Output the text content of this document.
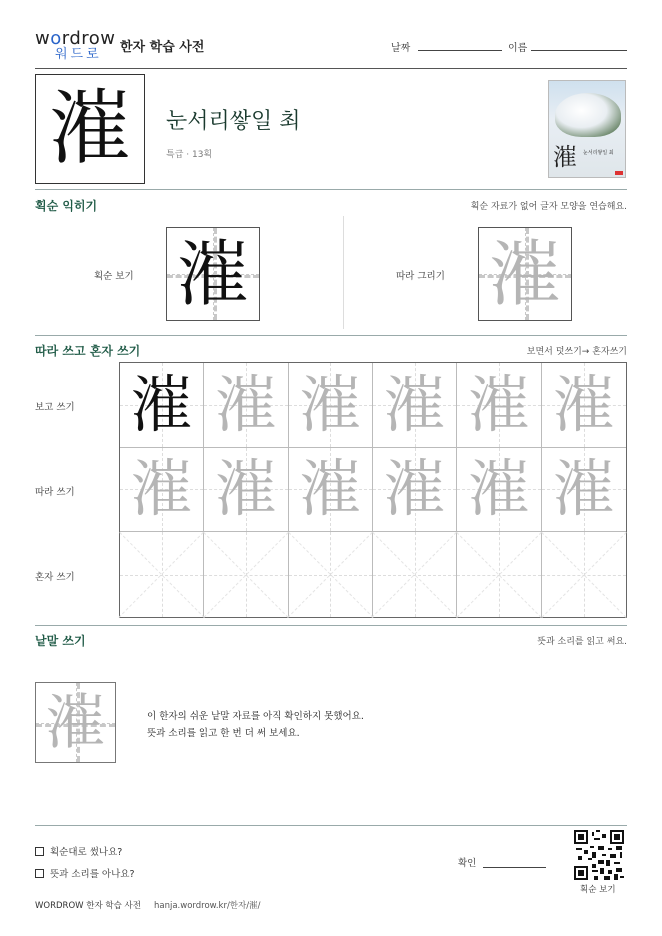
wordrow
워드로	한자 학습 사전	날짜	이름
漼	눈서리쌓일 최
특급 · 13획	漼 눈서리쌓일 최
획순 익히기	획순 자료가 없어 글자 모양을 연습해요.
획순 보기 漼	따라 그리기 漼
따라 쓰고 혼자 쓰기	보면서 덧쓰기→ 혼자쓰기
보고 쓰기
따라 쓰기
혼자 쓰기
漼 漼 漼 漼 漼 漼
漼 漼 漼 漼 漼 漼
낱말 쓰기	뜻과 소리를 읽고 써요.
漼	이 한자의 쉬운 낱말 자료를 아직 확인하지 못했어요.
뜻과 소리를 읽고 한 번 더 써 보세요.
획순대로 썼나요?
뜻과 소리를 아나요?
확인
획순 보기
WORDROW 한자 학습 사전 hanja.wordrow.kr/한자/漼/
